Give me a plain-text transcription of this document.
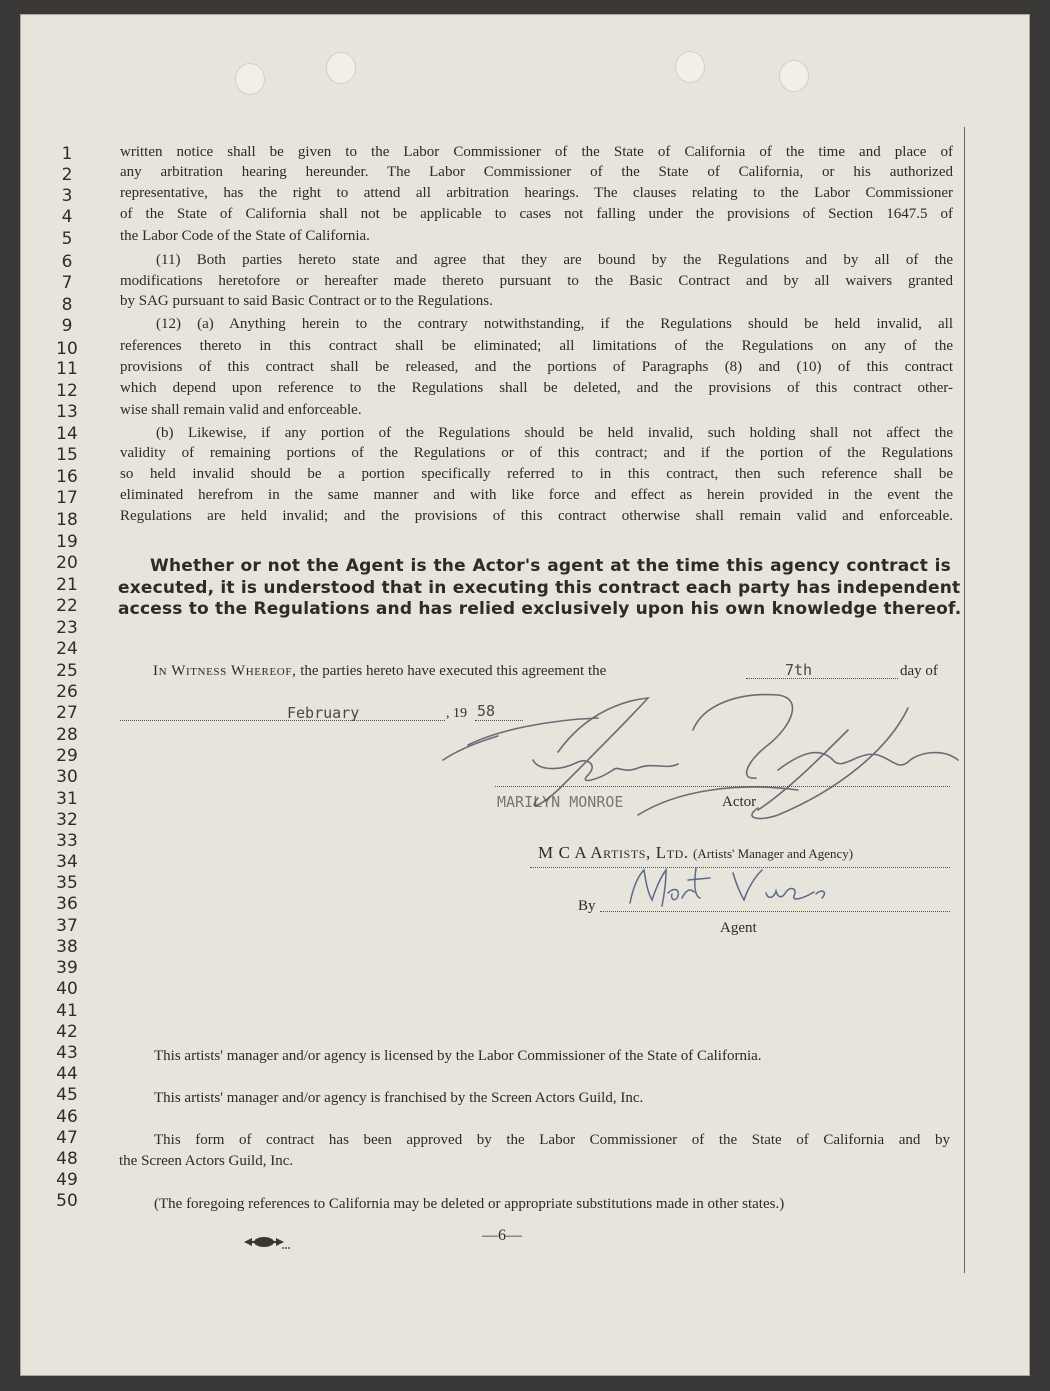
1
2
3
4
5
6
7
8
9
10
11
12
13
14
15
16
17
18
19
20
21
22
23
24
25
26
27
28
29
30
31
32
33
34
35
36
37
38
39
40
41
42
43
44
45
46
47
48
49
50
written notice shall be given to the Labor Commissioner of the State of California of the time and place of
any arbitration hearing hereunder. The Labor Commissioner of the State of California, or his authorized
representative, has the right to attend all arbitration hearings. The clauses relating to the Labor Commissioner
of the State of California shall not be applicable to cases not falling under the provisions of Section 1647.5 of
the Labor Code of the State of California.
(11) Both parties hereto state and agree that they are bound by the Regulations and by all of the
modifications heretofore or hereafter made thereto pursuant to the Basic Contract and by all waivers granted
by SAG pursuant to said Basic Contract or to the Regulations.
(12) (a) Anything herein to the contrary notwithstanding, if the Regulations should be held invalid, all
references thereto in this contract shall be eliminated; all limitations of the Regulations on any of the
provisions of this contract shall be released, and the portions of Paragraphs (8) and (10) of this contract
which depend upon reference to the Regulations shall be deleted, and the provisions of this contract other-
wise shall remain valid and enforceable.
(b) Likewise, if any portion of the Regulations should be held invalid, such holding shall not affect the
validity of remaining portions of the Regulations or of this contract; and if the portion of the Regulations
so held invalid should be a portion specifically referred to in this contract, then such reference shall be
eliminated herefrom in the same manner and with like force and effect as herein provided in the event the
Regulations are held invalid; and the provisions of this contract otherwise shall remain valid and enforceable.
Whether or not the Agent is the Actor's agent at the time this agency contract is
executed, it is understood that in executing this contract each party has independent
access to the Regulations and has relied exclusively upon his own knowledge thereof.
In Witness Whereof, the parties hereto have executed this agreement the	7th	day of
February	, 19 58
MARILYN MONROE	Actor
M C A Artists, Ltd. (Artists' Manager and Agency)
By
Agent
This artists' manager and/or agency is licensed by the Labor Commissioner of the State of California.
This artists' manager and/or agency is franchised by the Screen Actors Guild, Inc.
This form of contract has been approved by the Labor Commissioner of the State of California and by
the Screen Actors Guild, Inc.
(The foregoing references to California may be deleted or appropriate substitutions made in other states.)
—6—
